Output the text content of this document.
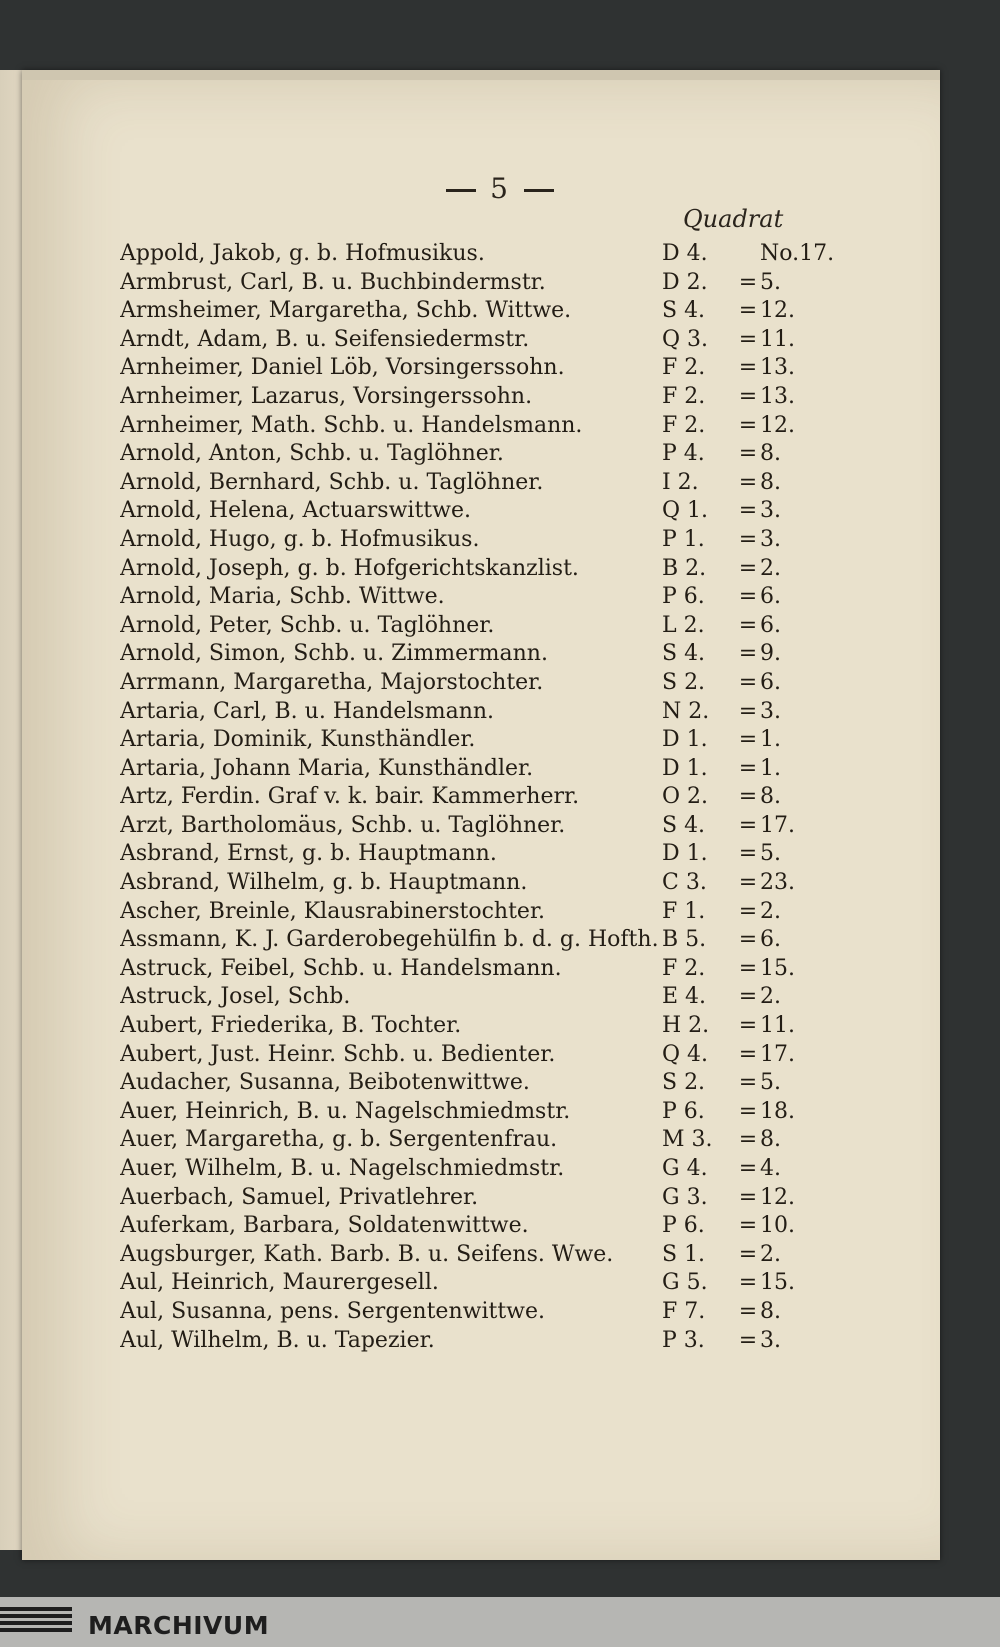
5
Quadrat
Appold, Jakob, g. b. Hofmusikus.	D 4.	No.17.
Armbrust, Carl, B. u. Buchbindermstr.	D 2.	= 5.
Armsheimer, Margaretha, Schb. Wittwe.	S 4.	= 12.
Arndt, Adam, B. u. Seifensiedermstr.	Q 3.	= 11.
Arnheimer, Daniel Löb, Vorsingerssohn.	F 2.	= 13.
Arnheimer, Lazarus, Vorsingerssohn.	F 2.	= 13.
Arnheimer, Math. Schb. u. Handelsmann.	F 2.	= 12.
Arnold, Anton, Schb. u. Taglöhner.	P 4.	= 8.
Arnold, Bernhard, Schb. u. Taglöhner.	I 2.	= 8.
Arnold, Helena, Actuarswittwe.	Q 1.	= 3.
Arnold, Hugo, g. b. Hofmusikus.	P 1.	= 3.
Arnold, Joseph, g. b. Hofgerichtskanzlist.	B 2.	= 2.
Arnold, Maria, Schb. Wittwe.	P 6.	= 6.
Arnold, Peter, Schb. u. Taglöhner.	L 2.	= 6.
Arnold, Simon, Schb. u. Zimmermann.	S 4.	= 9.
Arrmann, Margaretha, Majorstochter.	S 2.	= 6.
Artaria, Carl, B. u. Handelsmann.	N 2.	= 3.
Artaria, Dominik, Kunsthändler.	D 1.	= 1.
Artaria, Johann Maria, Kunsthändler.	D 1.	= 1.
Artz, Ferdin. Graf v. k. bair. Kammerherr.	O 2.	= 8.
Arzt, Bartholomäus, Schb. u. Taglöhner.	S 4.	= 17.
Asbrand, Ernst, g. b. Hauptmann.	D 1.	= 5.
Asbrand, Wilhelm, g. b. Hauptmann.	C 3.	= 23.
Ascher, Breinle, Klausrabinerstochter.	F 1.	= 2.
Assmann, K. J. Garderobegehülfin b. d. g. Hofth. B 5.	= 6.
Astruck, Feibel, Schb. u. Handelsmann.	F 2.	= 15.
Astruck, Josel, Schb.	E 4.	= 2.
Aubert, Friederika, B. Tochter.	H 2.	= 11.
Aubert, Just. Heinr. Schb. u. Bedienter.	Q 4.	= 17.
Audacher, Susanna, Beibotenwittwe.	S 2.	= 5.
Auer, Heinrich, B. u. Nagelschmiedmstr.	P 6.	= 18.
Auer, Margaretha, g. b. Sergentenfrau.	M 3.	= 8.
Auer, Wilhelm, B. u. Nagelschmiedmstr.	G 4.	= 4.
Auerbach, Samuel, Privatlehrer.	G 3.	= 12.
Auferkam, Barbara, Soldatenwittwe.	P 6.	= 10.
Augsburger, Kath. Barb. B. u. Seifens. Wwe.	S 1.	= 2.
Aul, Heinrich, Maurergesell.	G 5.	= 15.
Aul, Susanna, pens. Sergentenwittwe.	F 7.	= 8.
Aul, Wilhelm, B. u. Tapezier.	P 3.	= 3.
MARCHIVUM
